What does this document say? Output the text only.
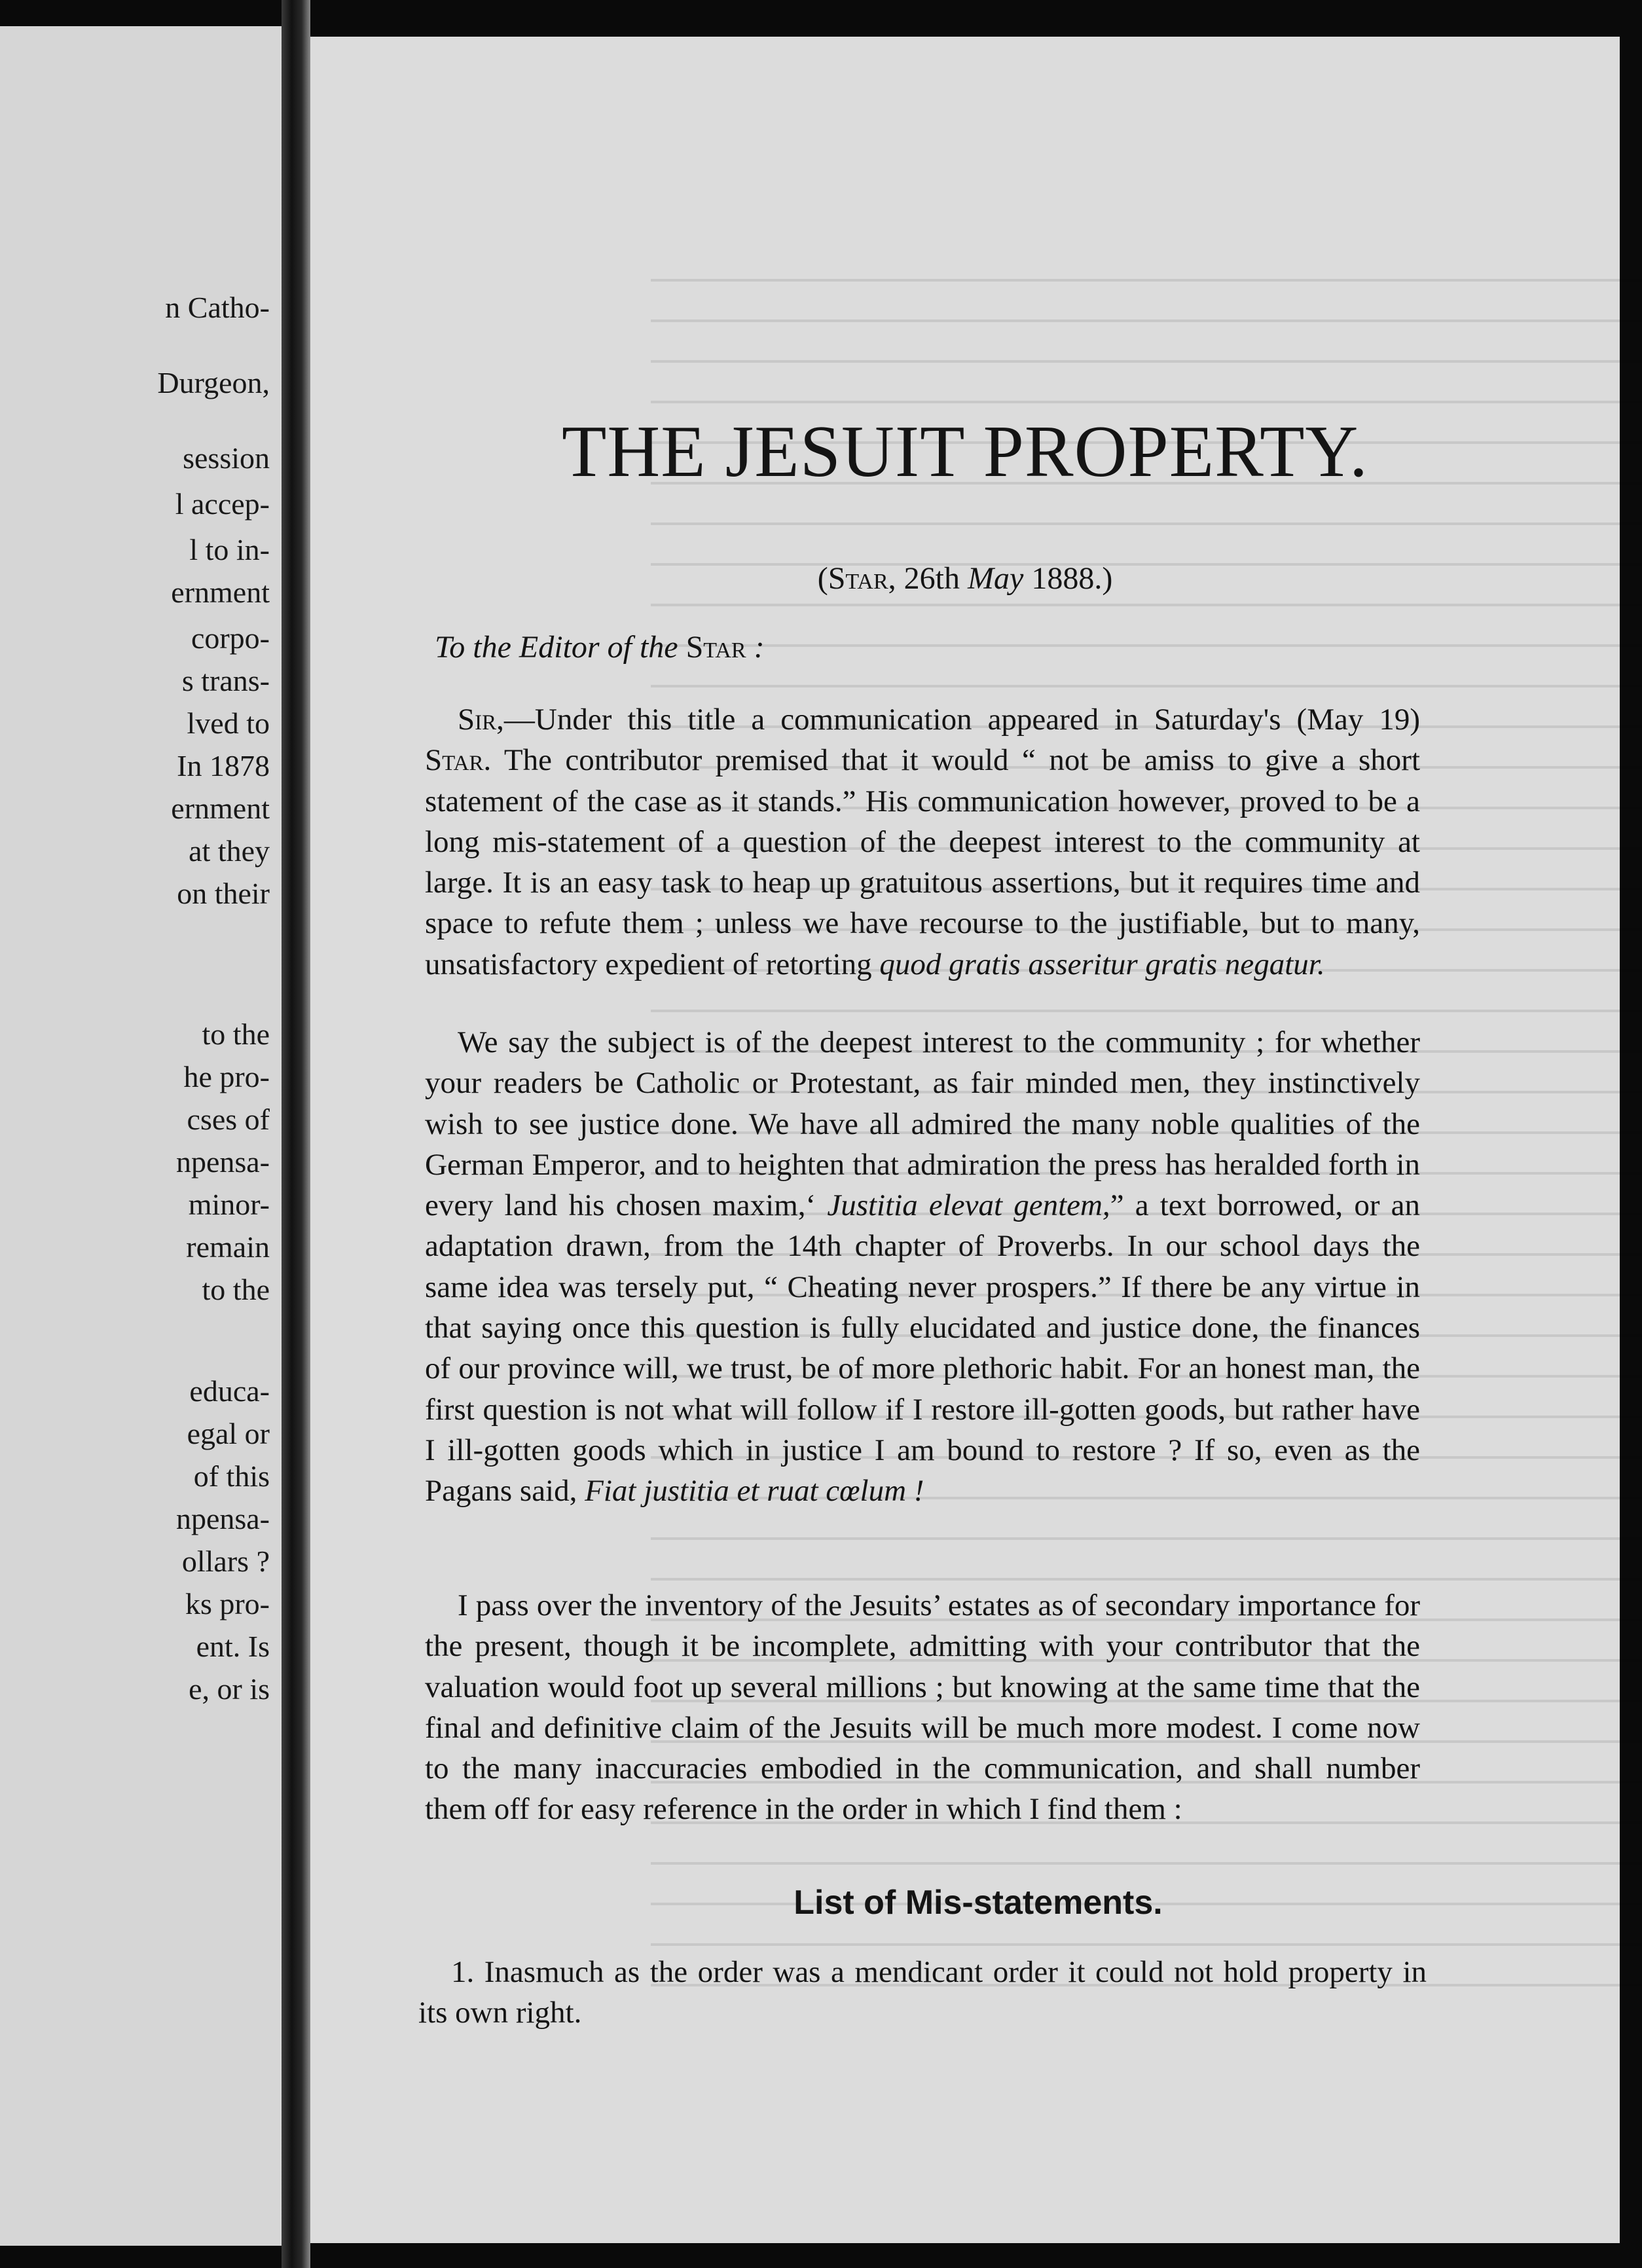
n Catho-
Durgeon,
session
l accep-
l to in-
ernment
corpo-
s trans-
lved to
In 1878
ernment
at they
on their
to the
he pro-
cses of
npensa-
minor-
remain
to the
educa-
egal or
of this
npensa-
ollars ?
ks pro-
ent. Is
e, or is
THE JESUIT PROPERTY.
(Star, 26th May 1888.)
To the Editor of the Star :
Sir,—Under this title a communication appeared in Saturday's (May 19) Star. The contributor premised that it would “ not be amiss to give a short statement of the case as it stands.” His communication however, proved to be a long mis-statement of a question of the deepest interest to the community at large. It is an easy task to heap up gratuitous assertions, but it requires time and space to refute them ; unless we have recourse to the justifiable, but to many, unsatisfactory expedient of retorting quod gratis asseritur gratis negatur.
We say the subject is of the deepest interest to the community ; for whether your readers be Catholic or Protestant, as fair minded men, they instinctively wish to see justice done. We have all admired the many noble qualities of the German Emperor, and to heighten that admiration the press has heralded forth in every land his chosen maxim,‘ Justitia elevat gentem,” a text borrowed, or an adaptation drawn, from the 14th chapter of Proverbs. In our school days the same idea was tersely put, “ Cheating never prospers.” If there be any virtue in that saying once this question is fully elucidated and justice done, the finances of our province will, we trust, be of more plethoric habit. For an honest man, the first question is not what will follow if I restore ill-gotten goods, but rather have I ill-gotten goods which in justice I am bound to restore ? If so, even as the Pagans said, Fiat justitia et ruat cœlum !
I pass over the inventory of the Jesuits’ estates as of secondary importance for the present, though it be incomplete, admitting with your contributor that the valuation would foot up several millions ; but knowing at the same time that the final and definitive claim of the Jesuits will be much more modest. I come now to the many inaccuracies embodied in the communication, and shall number them off for easy reference in the order in which I find them :
List of Mis-statements.
1. Inasmuch as the order was a mendicant order it could not hold property in its own right.
